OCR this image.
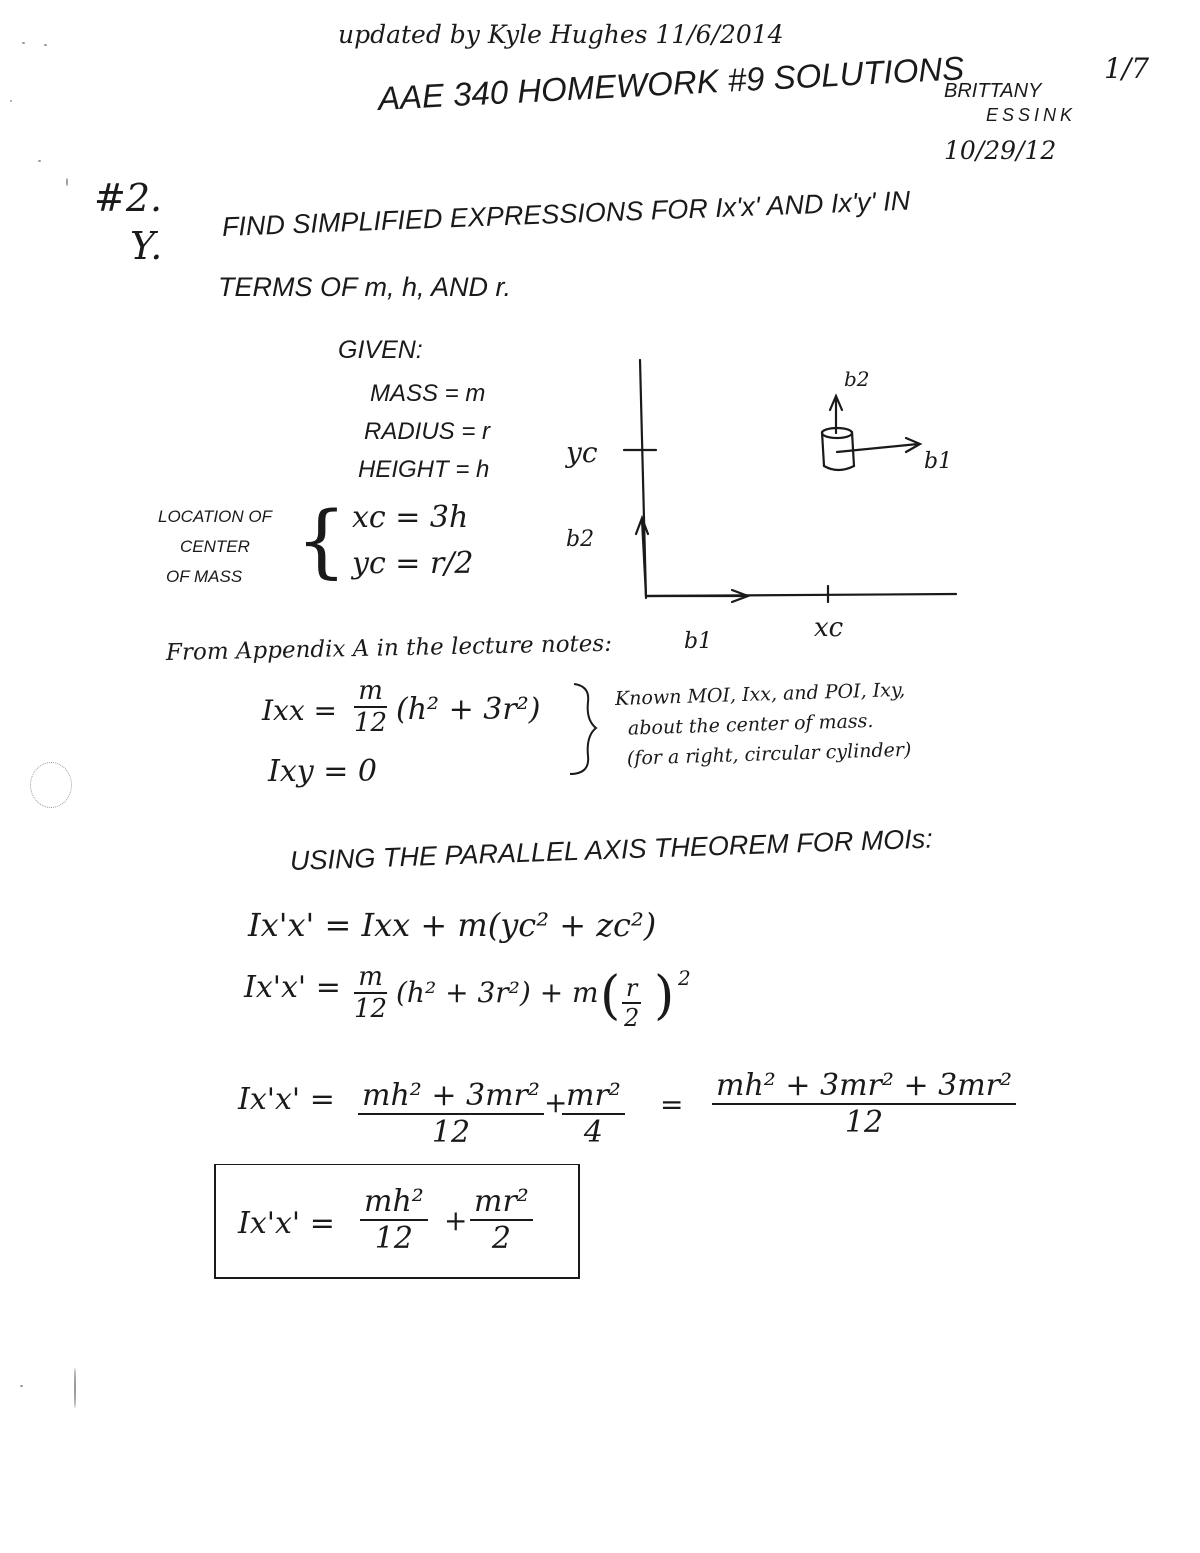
updated by Kyle Hughes 11/6/2014
AAE 340 HOMEWORK #9 SOLUTIONS
BRITTANY
ESSINK
10/29/12
1/7
#2.
Y.
FIND SIMPLIFIED EXPRESSIONS FOR Ix'x' AND Ix'y' IN
TERMS OF m, h, AND r.
GIVEN:
MASS = m
RADIUS = r
HEIGHT = h
LOCATION OF
CENTER
OF MASS { xc = 3h
yc = r/2
yc
b2
b1	xc
b2
b1
From Appendix A in the lecture notes:
Ixx = $\frac{m}{12} (h^2 + 3r^2)$
Ixy = 0
Known MOI, Ixx, and POI, Ixy,
about the center of mass.
(for a right, circular cylinder)
USING THE PARALLEL AXIS THEOREM FOR MOIs:
Ix'x' = Ixx + m(yc² + zc²)
$Ix'x' = \frac{m}{12} (h^2 + 3r^2) + m$ ( $\frac{r}{2}$ ) 2
$Ix'x' = \frac{\text{mh² + 3mr²}}{12}$ +
$\frac{\text{mr²}}{4} = \frac{\text{mh² + 3mr² + 3mr²}}{12}$
$Ix'x' = \frac{\text{mh²}}{12} + \frac{\text{mr²}}{2}$
